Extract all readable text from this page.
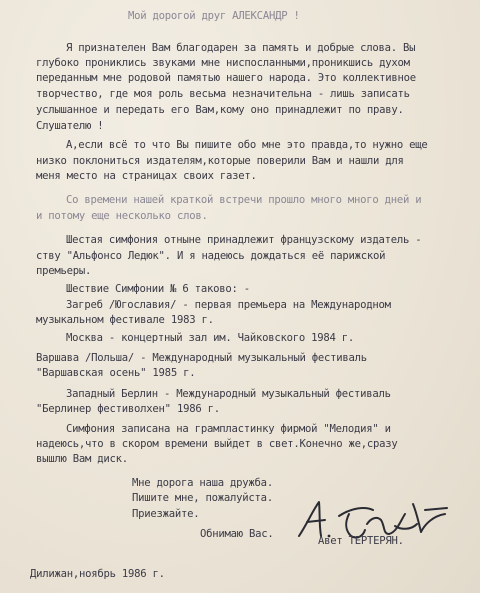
Мой дорогой друг АЛЕКСАНДР !
Я признателен Вам благодарен за память и добрые слова. Вы
глубоко прониклись звуками мне ниспосланными,проникшись духом
переданным мне родовой памятью нашего народа. Это коллективное
творчество, где моя роль весьма незначительна - лишь записать
услышанное и передать его Вам,кому оно принадлежит по праву.
Слушателю !
А,если всё то что Вы пишите обо мне это правда,то нужно еще
низко поклониться издателям,которые поверили Вам и нашли для
меня место на страницах своих газет.
Со времени нашей краткой встречи прошло много много дней и
и потому еще несколько слов.
Шестая симфония отныне принадлежит французскому издатель -
ству "Альфонсо Ледюк". И я надеюсь дождаться её парижской
премьеры.
Шествие Симфонии № 6 таково: -
Загреб /Югославия/ - первая премьера на Международном
музыкальном фестивале 1983 г.
Москва - концертный зал им. Чайковского 1984 г.
Варшава /Польша/ - Международный музыкальный фестиваль
"Варшавская осень" 1985 г.
Западный Берлин - Международный музыкальный фестиваль
"Берлинер фестиволхен" 1986 г.
Симфония записана на грампластинку фирмой "Мелодия" и
надеюсь,что в скором времени выйдет в свет.Конечно же,сразу
вышлю Вам диск.
Мне дорога наша дружба.
Пишите мне, пожалуйста.
Приезжайте.
Обнимаю Вас.
Авет ТЕРТЕРЯН.
Дилижан,ноябрь 1986 г.
